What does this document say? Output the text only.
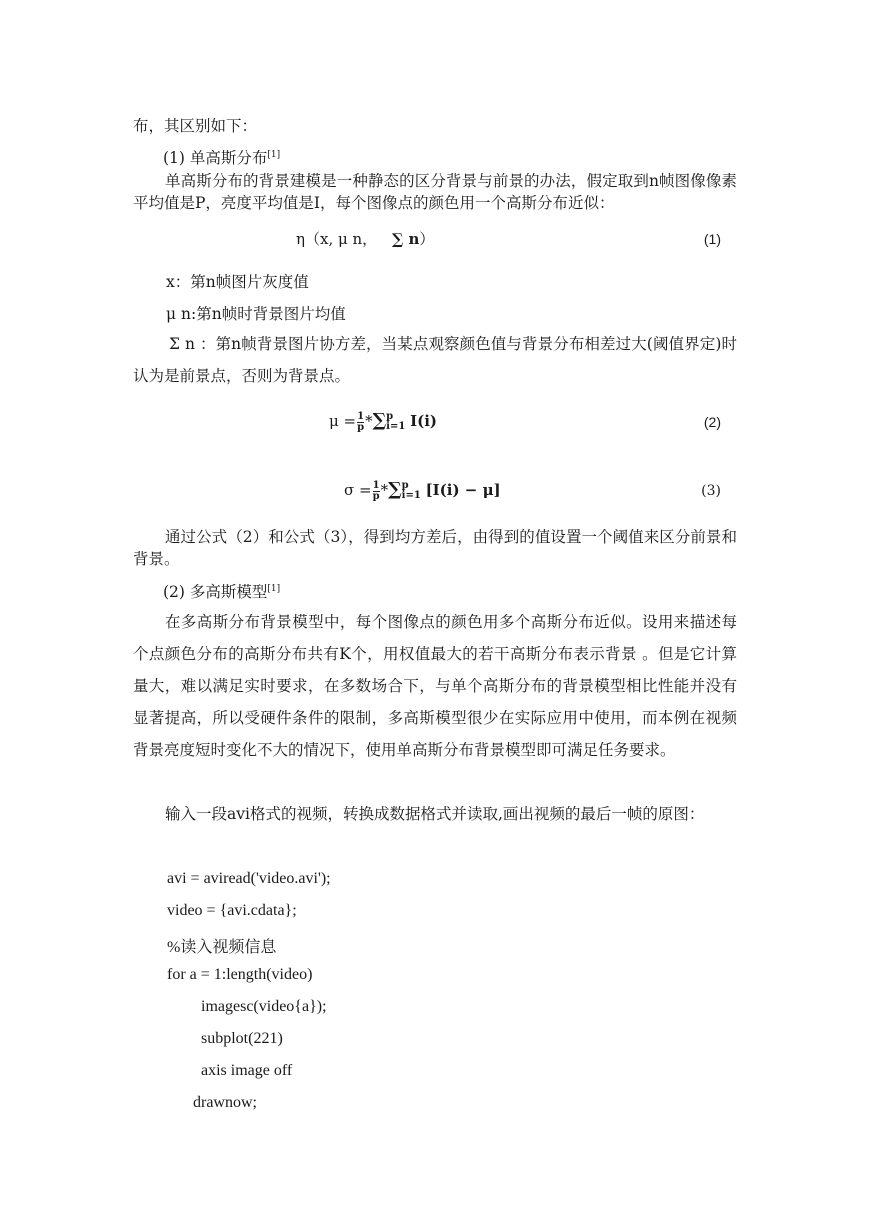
布，其区别如下：
(1) 单高斯分布[1]
单高斯分布的背景建模是一种静态的区分背景与前景的办法，假定取到n帧图像像素平均值是P，亮度平均值是I，每个图像点的颜色用一个高斯分布近似：
η（x, μ n， ∑ n）	(1)
x：第n帧图片灰度值
μ n:第n帧时背景图片均值
Σ n ：第n帧背景图片协方差，当某点观察颜色值与背景分布相差过大(阈值界定)时认为是前景点，否则为背景点。
$\mu = \frac{1}{p}$ *∑ p
i=1 I(i)	(2)
$\sigma = \frac{1}{p}$ *∑ p
i=1 [I(i) − μ]	(3)
通过公式（2）和公式（3），得到均方差后，由得到的值设置一个阈值来区分前景和背景。
(2) 多高斯模型[1]
在多高斯分布背景模型中，每个图像点的颜色用多个高斯分布近似。设用来描述每个点颜色分布的高斯分布共有K个，用权值最大的若干高斯分布表示背景 。但是它计算量大，难以满足实时要求，在多数场合下，与单个高斯分布的背景模型相比性能并没有显著提高，所以受硬件条件的限制，多高斯模型很少在实际应用中使用，而本例在视频背景亮度短时变化不大的情况下，使用单高斯分布背景模型即可满足任务要求。
输入一段avi格式的视频，转换成数据格式并读取,画出视频的最后一帧的原图：
avi = aviread('video.avi');
video = {avi.cdata};
%读入视频信息
for a = 1:length(video)
imagesc(video{a});
subplot(221)
axis image off
drawnow;
